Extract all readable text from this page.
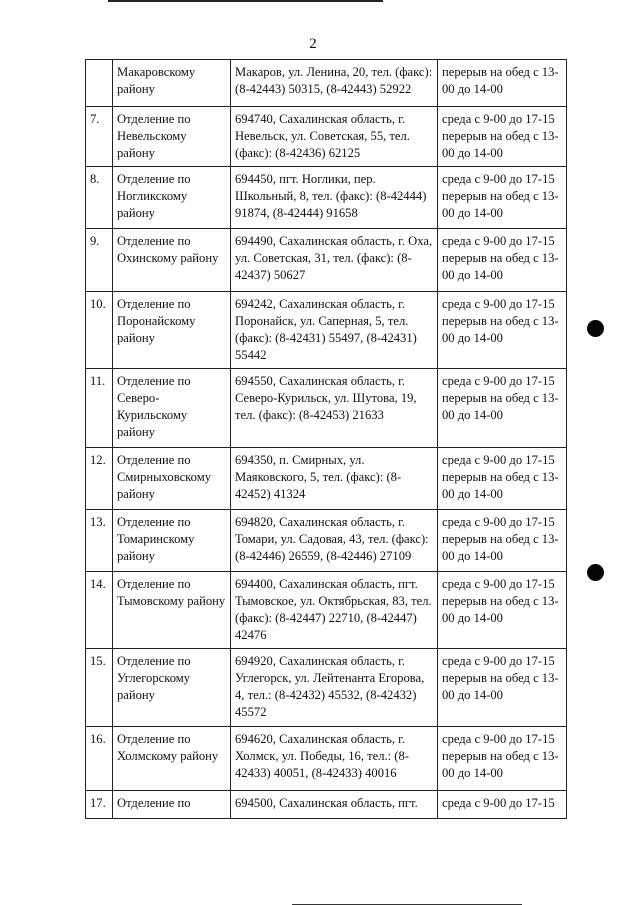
2
	Макаровскому району	Макаров, ул. Ленина, 20, тел. (факс): (8-42443) 50315, (8-42443) 52922	перерыв на обед с 13-00 до 14-00
7.	Отделение по Невельскому району	694740, Сахалинская область, г. Невельск, ул. Советская, 55, тел. (факс): (8-42436) 62125	среда с 9-00 до 17-15 перерыв на обед с 13-00 до 14-00
8.	Отделение по Ногликскому району	694450, пгт. Ноглики, пер. Школьный, 8, тел. (факс): (8-42444) 91874, (8-42444) 91658	среда с 9-00 до 17-15 перерыв на обед с 13-00 до 14-00
9.	Отделение по Охинскому району	694490, Сахалинская область, г. Оха, ул. Советская, 31, тел. (факс): (8-42437) 50627	среда с 9-00 до 17-15 перерыв на обед с 13-00 до 14-00
10.	Отделение по Поронайскому району	694242, Сахалинская область, г. Поронайск, ул. Саперная, 5, тел. (факс): (8-42431) 55497, (8-42431) 55442	среда с 9-00 до 17-15 перерыв на обед с 13-00 до 14-00
11.	Отделение по Северо-Курильскому району	694550, Сахалинская область, г. Северо-Курильск, ул. Шутова, 19, тел. (факс): (8-42453) 21633	среда с 9-00 до 17-15 перерыв на обед с 13-00 до 14-00
12.	Отделение по Смирныховскому району	694350, п. Смирных, ул. Маяковского, 5, тел. (факс): (8-42452) 41324	среда с 9-00 до 17-15 перерыв на обед с 13-00 до 14-00
13.	Отделение по Томаринскому району	694820, Сахалинская область, г. Томари, ул. Садовая, 43, тел. (факс): (8-42446) 26559, (8-42446) 27109	среда с 9-00 до 17-15 перерыв на обед с 13-00 до 14-00
14.	Отделение по Тымовскому району	694400, Сахалинская область, пгт. Тымовское, ул. Октябрьская, 83, тел. (факс): (8-42447) 22710, (8-42447) 42476	среда с 9-00 до 17-15 перерыв на обед с 13-00 до 14-00
15.	Отделение по Углегорскому району	694920, Сахалинская область, г. Углегорск, ул. Лейтенанта Егорова, 4, тел.: (8-42432) 45532, (8-42432) 45572	среда с 9-00 до 17-15 перерыв на обед с 13-00 до 14-00
16.	Отделение по Холмскому району	694620, Сахалинская область, г. Холмск, ул. Победы, 16, тел.: (8-42433) 40051, (8-42433) 40016	среда с 9-00 до 17-15 перерыв на обед с 13-00 до 14-00
17.	Отделение по	694500, Сахалинская область, пгт.	среда с 9-00 до 17-15
